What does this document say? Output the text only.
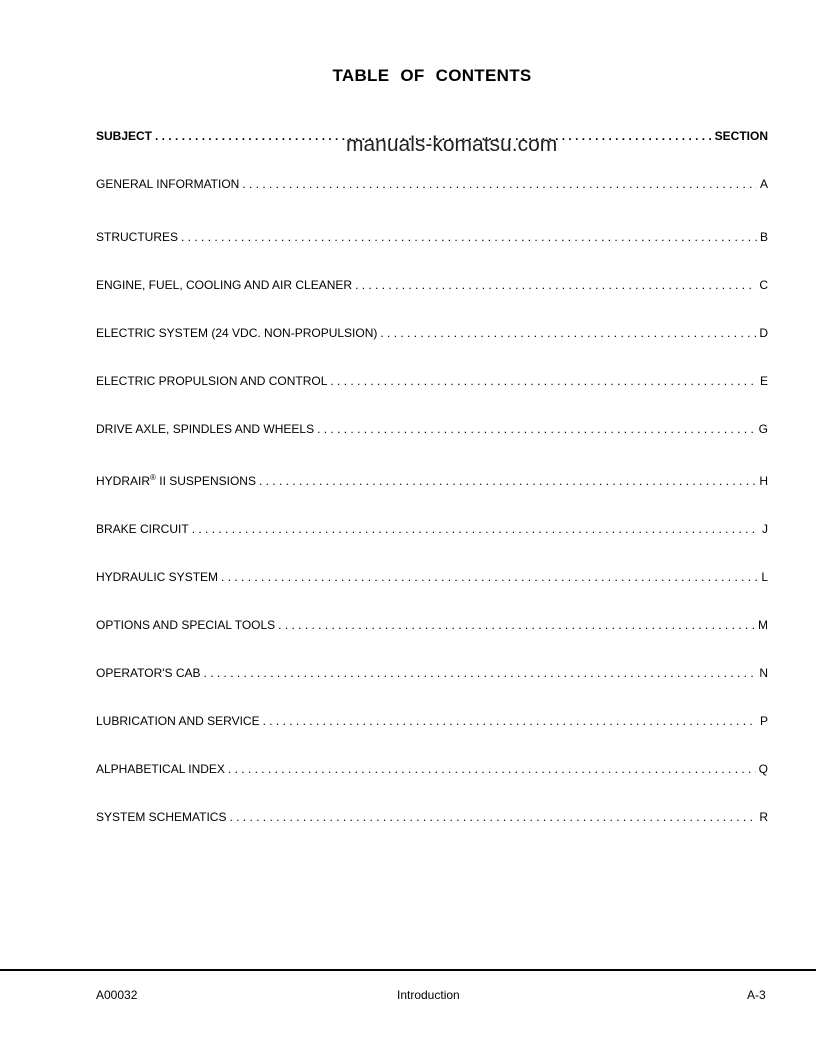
TABLE OF CONTENTS
SUBJECT . . .	SECTION
manuals-komatsu.com
GENERAL INFORMATION . . .	A
STRUCTURES . . .	B
ENGINE, FUEL, COOLING AND AIR CLEANER . . .	C
ELECTRIC SYSTEM (24 VDC. NON-PROPULSION) . . .	D
ELECTRIC PROPULSION AND CONTROL . . .	E
DRIVE AXLE, SPINDLES AND WHEELS . . .	G
HYDRAIR® II SUSPENSIONS . . .	H
BRAKE CIRCUIT . . .	J
HYDRAULIC SYSTEM . . .	L
OPTIONS AND SPECIAL TOOLS . . .	M
OPERATOR'S CAB . . .	N
LUBRICATION AND SERVICE . . .	P
ALPHABETICAL INDEX . . .	Q
SYSTEM SCHEMATICS . . .	R
A00032	Introduction	A-3
